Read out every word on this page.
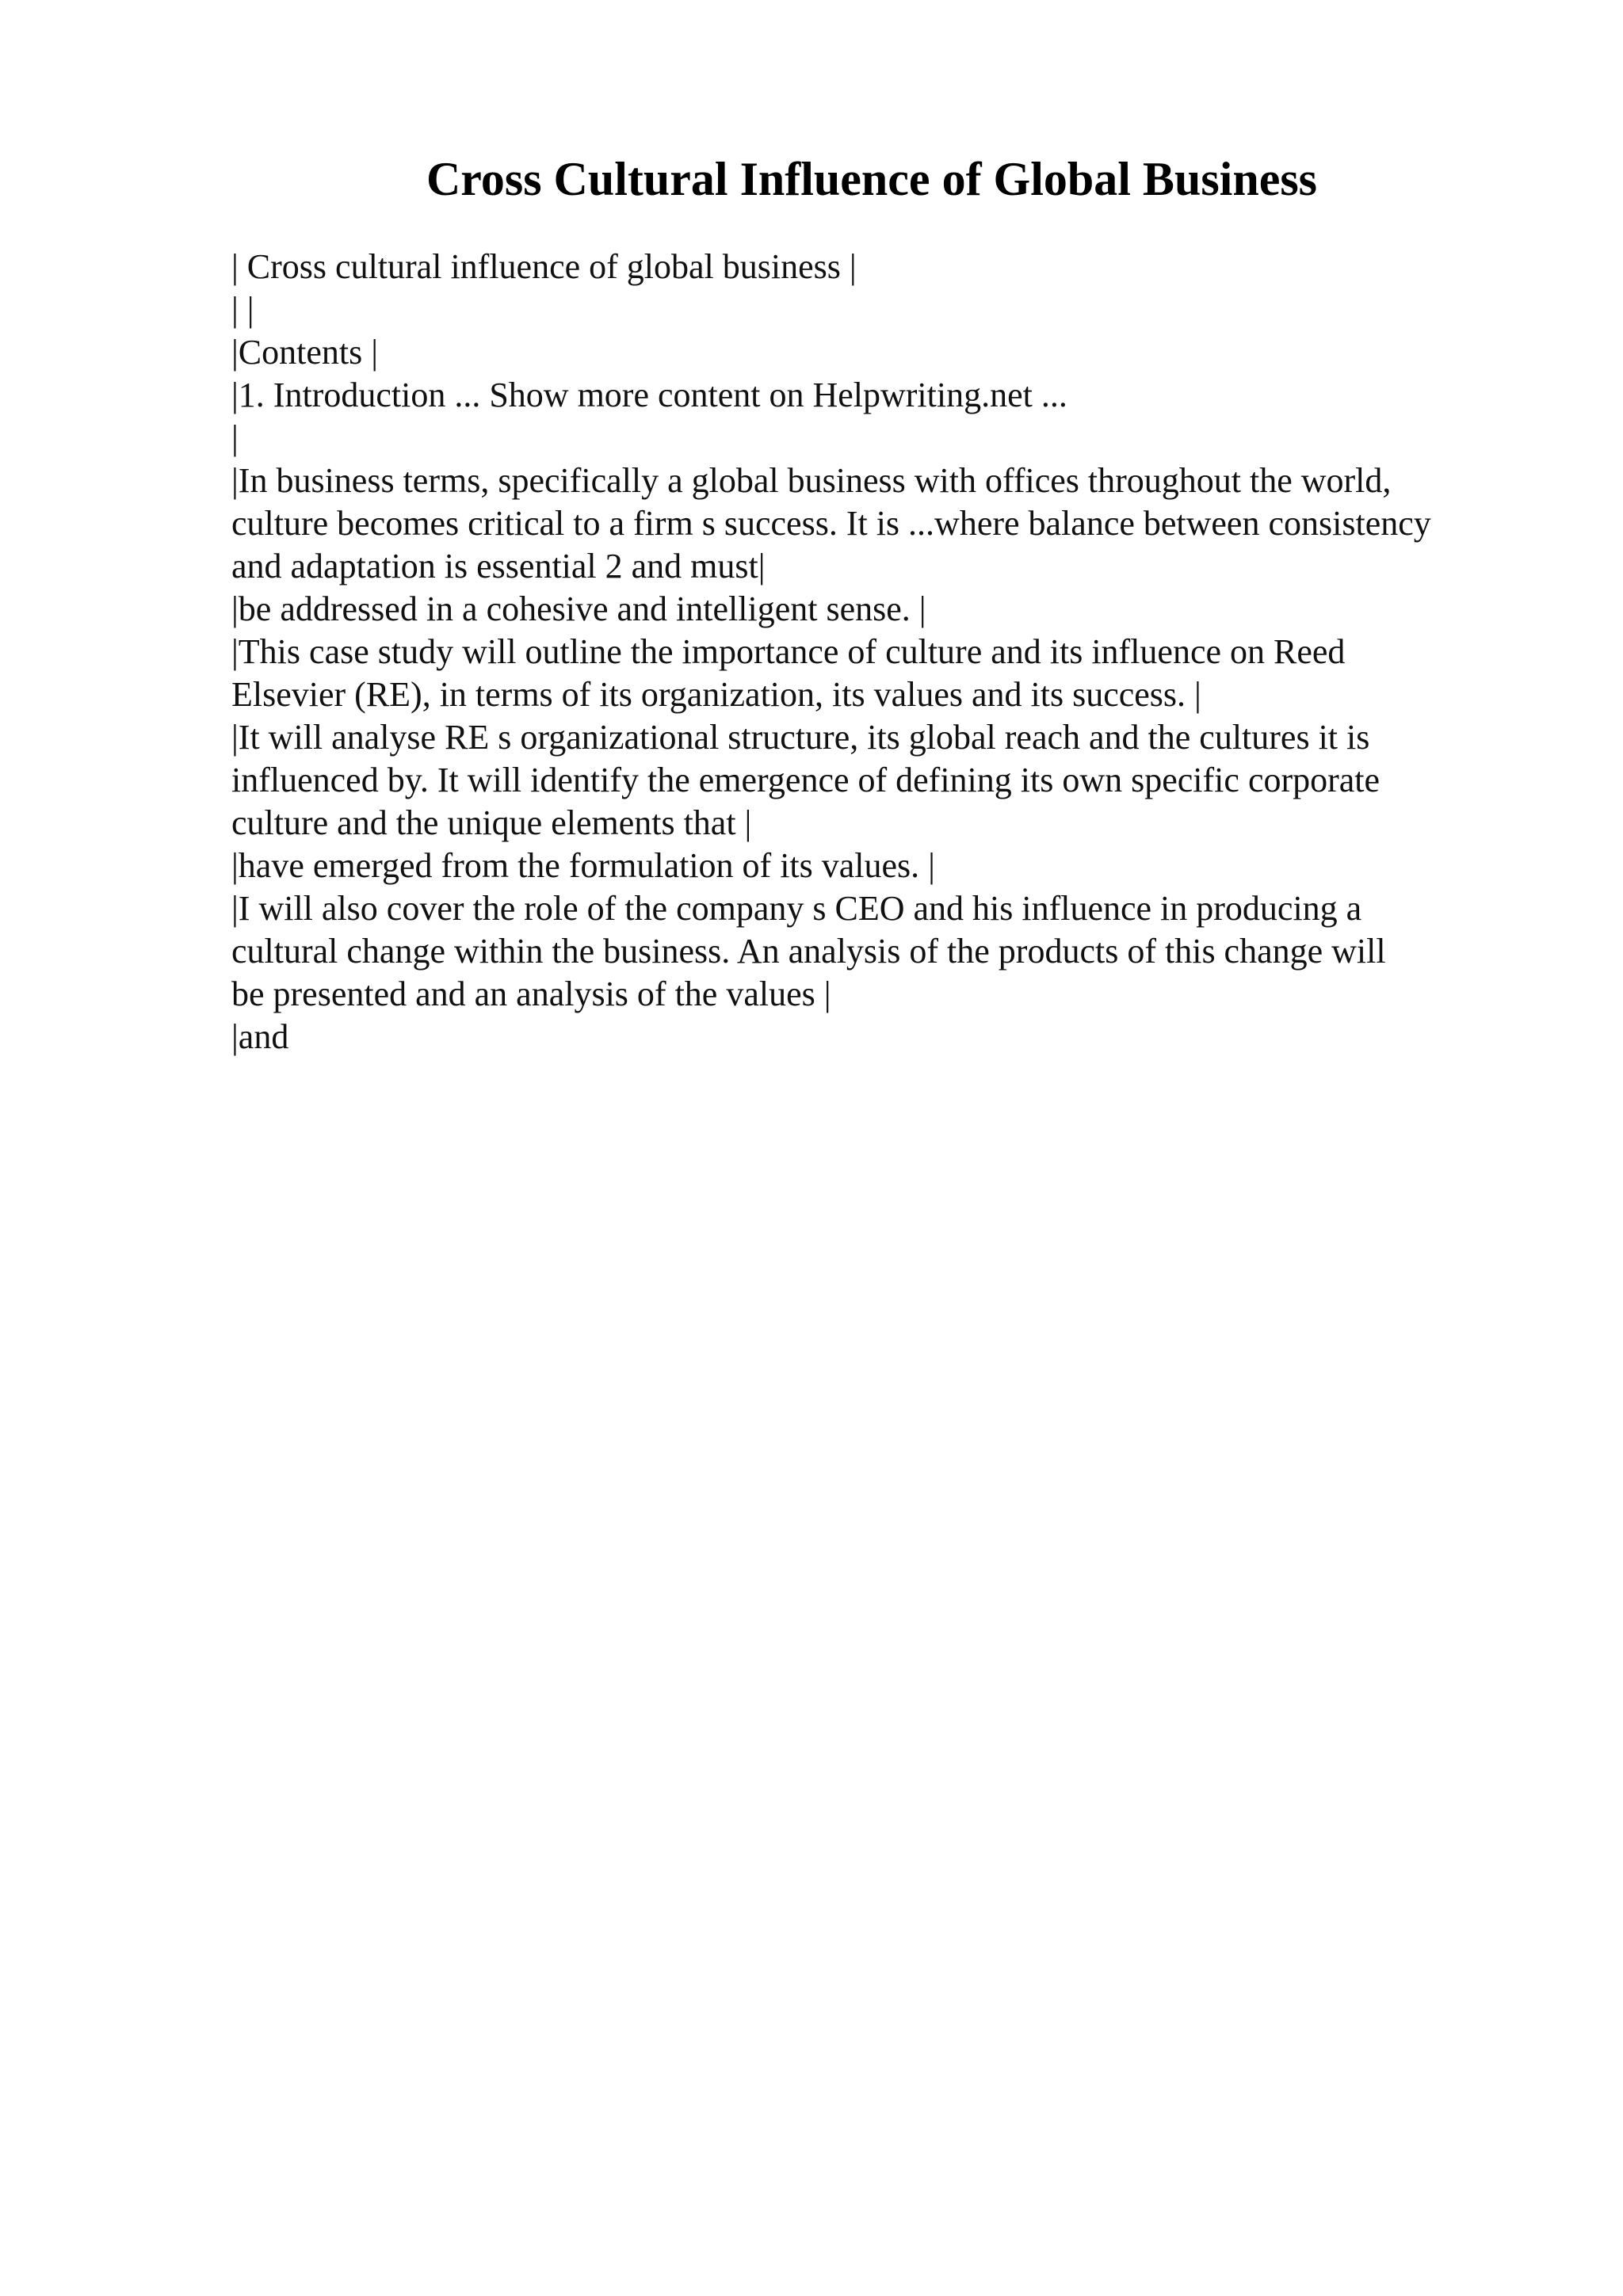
Cross Cultural Influence of Global Business
| Cross cultural influence of global business |
| |
|Contents |
|1. Introduction ... Show more content on Helpwriting.net ...
|
|In business terms, specifically a global business with offices throughout the world,
culture becomes critical to a firm s success. It is ...where balance between consistency
and adaptation is essential 2 and must|
|be addressed in a cohesive and intelligent sense. |
|This case study will outline the importance of culture and its influence on Reed
Elsevier (RE), in terms of its organization, its values and its success. |
|It will analyse RE s organizational structure, its global reach and the cultures it is
influenced by. It will identify the emergence of defining its own specific corporate
culture and the unique elements that |
|have emerged from the formulation of its values. |
|I will also cover the role of the company s CEO and his influence in producing a
cultural change within the business. An analysis of the products of this change will
be presented and an analysis of the values |
|and
